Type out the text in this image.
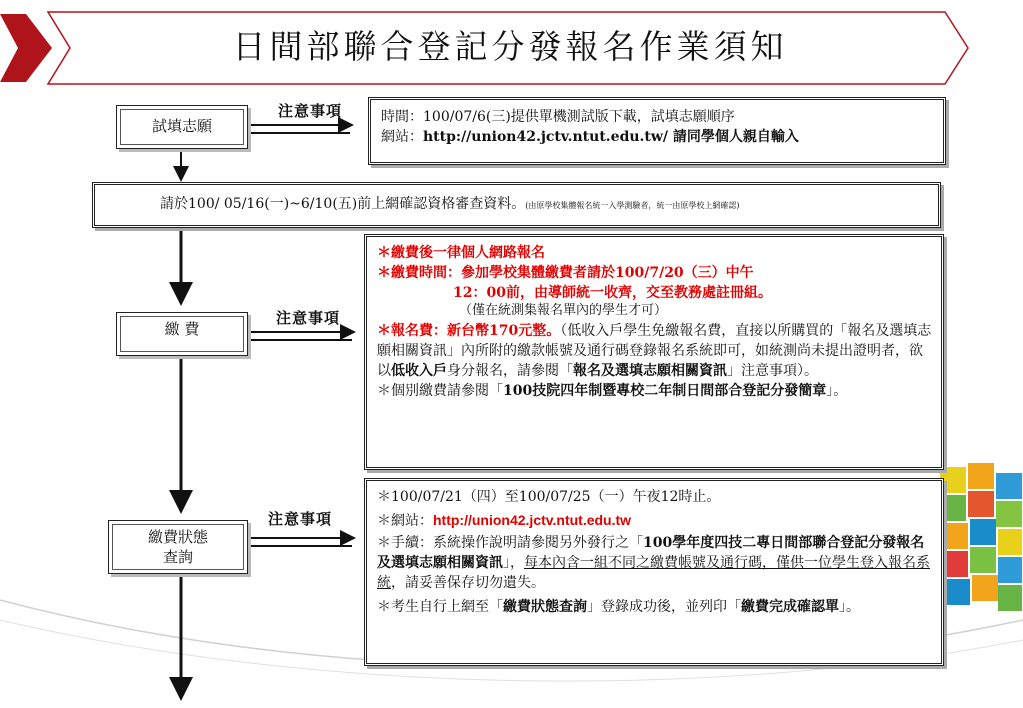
日間部聯合登記分發報名作業須知
試填志願
注意事項	時間：100/07/6(三)提供單機測試版下載，試填志願順序
網站：http://union42.jctv.ntut.edu.tw/ 請同學個人親自輸入
請於100/ 05/16(一)~6/10(五)前上網確認資格審查資料。(由原學校集體報名統一入學測驗者，統一由原學校上網確認)
繳 費
注意事項
＊繳費後一律個人網路報名
＊繳費時間：參加學校集體繳費者請於100/7/20（三）中午
12：00前，由導師統一收齊，交至教務處註冊組。
（僅在統測集報名單內的學生才可）
＊報名費：新台幣170元整。（低收入戶學生免繳報名費，直接以所購買的「報名及選填志願相關資訊」內所附的繳款帳號及通行碼登錄報名系統即可，如統測尚未提出證明者，欲以低收入戶身分報名，請參閱「報名及選填志願相關資訊」注意事項）。
＊個別繳費請參閱「100技院四年制暨專校二年制日間部合登記分發簡章」。
繳費狀態
查詢
注意事項
＊100/07/21（四）至100/07/25（一）午夜12時止。
＊網站：http://union42.jctv.ntut.edu.tw
＊手續：系統操作說明請參閱另外發行之「100學年度四技二專日間部聯合登記分發報名及選填志願相關資訊」，每本內含一組不同之繳費帳號及通行碼，僅供一位學生登入報名系統，請妥善保存切勿遺失。
＊考生自行上網至「繳費狀態查詢」登錄成功後，並列印「繳費完成確認單」。
